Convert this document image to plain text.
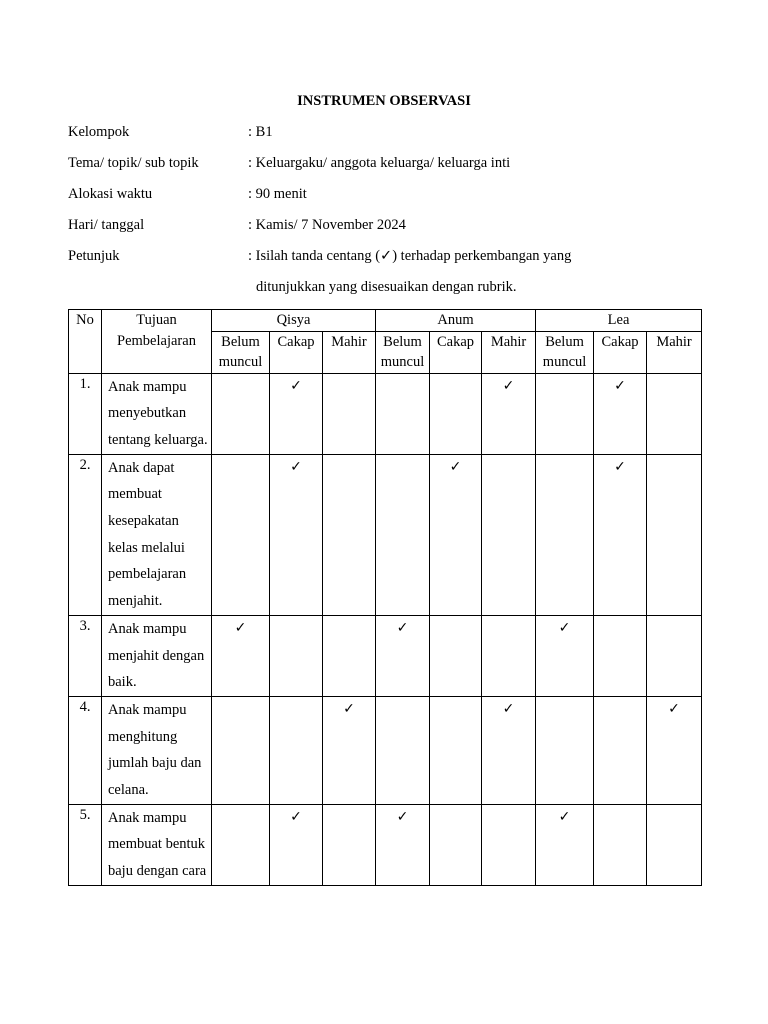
INSTRUMEN OBSERVASI
Kelompok	: B1
Tema/ topik/ sub topik	: Keluargaku/ anggota keluarga/ keluarga inti
Alokasi waktu	: 90 menit
Hari/ tanggal	: Kamis/ 7 November 2024
Petunjuk	: Isilah tanda centang (✓) terhadap perkembangan yang
ditunjukkan yang disesuaikan dengan rubrik.
No	Tujuan Pembelajaran	Qisya			Anum			Lea		
		Belum muncul	Cakap	Mahir	Belum muncul	Cakap	Mahir	Belum muncul	Cakap	Mahir
1.	Anak mampu menyebutkan tentang keluarga.		✓				✓		✓	
2.	Anak dapat membuat kesepakatan kelas melalui pembelajaran menjahit.		✓			✓			✓	
3.	Anak mampu menjahit dengan baik.	✓			✓			✓		
4.	Anak mampu menghitung jumlah baju dan celana.			✓			✓			✓
5.	Anak mampu membuat bentuk baju dengan cara		✓		✓			✓		
